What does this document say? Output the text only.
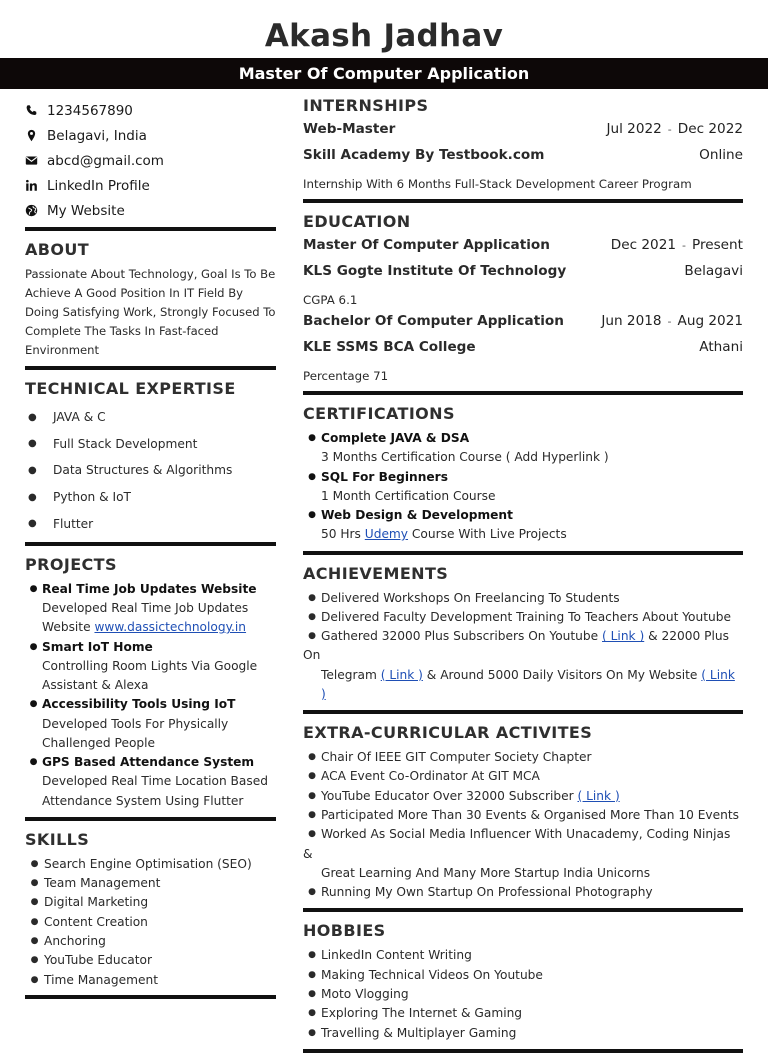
Akash Jadhav
Master Of Computer Application
1234567890
Belagavi, India
abcd@gmail.com
LinkedIn Profile
My Website
ABOUT
Passionate About Technology, Goal Is To Be Achieve A Good Position In IT Field By Doing Satisfying Work, Strongly Focused To Complete The Tasks In Fast-faced Environment
TECHNICAL EXPERTISE
●	JAVA & C
●	Full Stack Development
●	Data Structures & Algorithms
●	Python & IoT
●	Flutter
PROJECTS
● Real Time Job Updates Website
Developed Real Time Job Updates
Website www.dassictechnology.in
● Smart IoT Home
Controlling Room Lights Via Google
Assistant & Alexa
● Accessibility Tools Using IoT
Developed Tools For Physically
Challenged People
● GPS Based Attendance System
Developed Real Time Location Based
Attendance System Using Flutter
SKILLS
● Search Engine Optimisation (SEO)
● Team Management
● Digital Marketing
● Content Creation
● Anchoring
● YouTube Educator
● Time Management
INTERNSHIPS
Web-Master	Jul 2022 - Dec 2022
Skill Academy By Testbook.com	Online
Internship With 6 Months Full-Stack Development Career Program
EDUCATION
Master Of Computer Application	Dec 2021 - Present
KLS Gogte Institute Of Technology	Belagavi
CGPA 6.1
Bachelor Of Computer Application	Jun 2018 - Aug 2021
KLE SSMS BCA College	Athani
Percentage 71
CERTIFICATIONS
● Complete JAVA & DSA
3 Months Certification Course ( Add Hyperlink )
● SQL For Beginners
1 Month Certification Course
● Web Design & Development
50 Hrs Udemy Course With Live Projects
ACHIEVEMENTS
● Delivered Workshops On Freelancing To Students
● Delivered Faculty Development Training To Teachers About Youtube
● Gathered 32000 Plus Subscribers On Youtube ( Link ) & 22000 Plus On
Telegram ( Link ) & Around 5000 Daily Visitors On My Website ( Link )
EXTRA-CURRICULAR ACTIVITES
● Chair Of IEEE GIT Computer Society Chapter
● ACA Event Co-Ordinator At GIT MCA
● YouTube Educator Over 32000 Subscriber ( Link )
● Participated More Than 30 Events & Organised More Than 10 Events
● Worked As Social Media Influencer With Unacademy, Coding Ninjas &
Great Learning And Many More Startup India Unicorns
● Running My Own Startup On Professional Photography
HOBBIES
● LinkedIn Content Writing
● Making Technical Videos On Youtube
● Moto Vlogging
● Exploring The Internet & Gaming
● Travelling & Multiplayer Gaming
